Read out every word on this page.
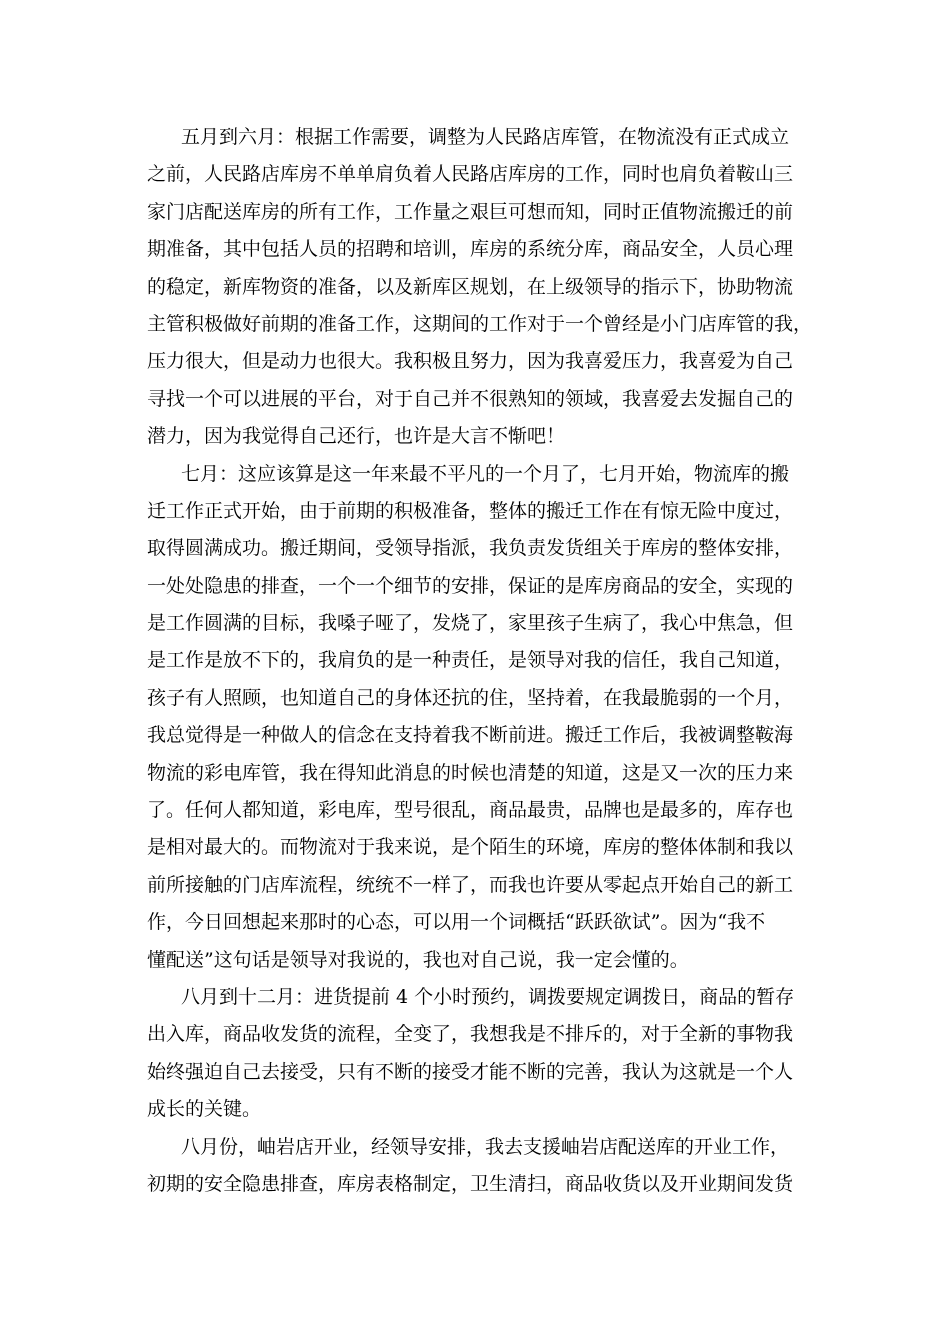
五月到六月：根据工作需要，调整为人民路店库管，在物流没有正式成立
之前，人民路店库房不单单肩负着人民路店库房的工作，同时也肩负着鞍山三
家门店配送库房的所有工作，工作量之艰巨可想而知，同时正值物流搬迁的前
期准备，其中包括人员的招聘和培训，库房的系统分库，商品安全，人员心理
的稳定，新库物资的准备，以及新库区规划，在上级领导的指示下，协助物流
主管积极做好前期的准备工作，这期间的工作对于一个曾经是小门店库管的我，
压力很大，但是动力也很大。我积极且努力，因为我喜爱压力，我喜爱为自己
寻找一个可以进展的平台，对于自己并不很熟知的领域，我喜爱去发掘自己的
潜力，因为我觉得自己还行，也许是大言不惭吧！

七月：这应该算是这一年来最不平凡的一个月了，七月开始，物流库的搬
迁工作正式开始，由于前期的积极准备，整体的搬迁工作在有惊无险中度过，
取得圆满成功。搬迁期间，受领导指派，我负责发货组关于库房的整体安排，
一处处隐患的排查，一个一个细节的安排，保证的是库房商品的安全，实现的
是工作圆满的目标，我嗓子哑了，发烧了，家里孩子生病了，我心中焦急，但
是工作是放不下的，我肩负的是一种责任，是领导对我的信任，我自己知道，
孩子有人照顾，也知道自己的身体还抗的住，坚持着，在我最脆弱的一个月，
我总觉得是一种做人的信念在支持着我不断前进。搬迁工作后，我被调整鞍海
物流的彩电库管，我在得知此消息的时候也清楚的知道，这是又一次的压力来
了。任何人都知道，彩电库，型号很乱，商品最贵，品牌也是最多的，库存也
是相对最大的。而物流对于我来说，是个陌生的环境，库房的整体体制和我以
前所接触的门店库流程，统统不一样了，而我也许要从零起点开始自己的新工
作，今日回想起来那时的心态，可以用一个词概括“跃跃欲试”。因为“我不
懂配送”这句话是领导对我说的，我也对自己说，我一定会懂的。

八月到十二月：进货提前 4 个小时预约，调拨要规定调拨日，商品的暂存
出入库，商品收发货的流程，全变了，我想我是不排斥的，对于全新的事物我
始终强迫自己去接受，只有不断的接受才能不断的完善，我认为这就是一个人
成长的关键。

八月份，岫岩店开业，经领导安排，我去支援岫岩店配送库的开业工作，
初期的安全隐患排查，库房表格制定，卫生清扫，商品收货以及开业期间发货
